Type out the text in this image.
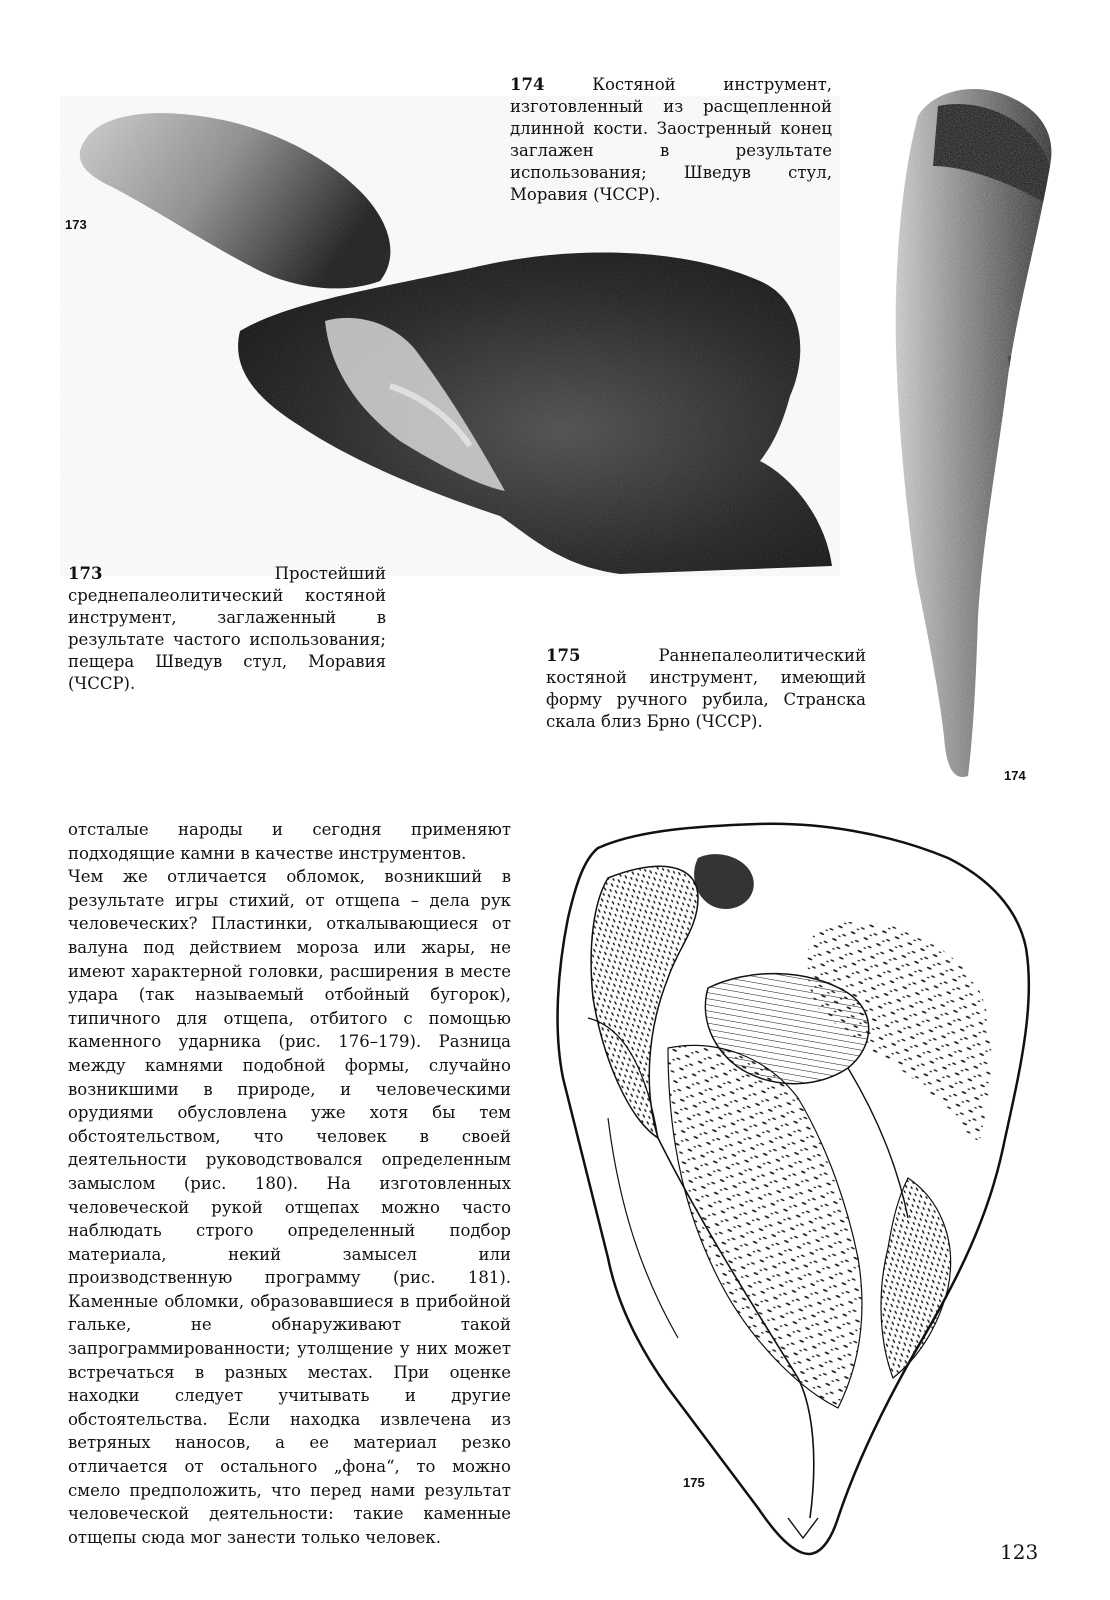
173
174
175
174 Костяной инструмент, изготовленный из расщепленной длинной кости. Заостренный конец заглажен в результате использования; Шведув стул, Моравия (ЧССР).
173 Простейший среднепалеолитический костяной инструмент, заглаженный в результате частого использования; пещера Шведув стул, Моравия (ЧССР).
175 Раннепалеолитический костяной инструмент, имеющий форму ручного рубила, Странска скала близ Брно (ЧССР).

отсталые народы и сегодня применяют подходящие камни в качестве инструментов.

Чем же отличается обломок, возникший в результате игры стихий, от отщепа – дела рук человеческих? Пластинки, откалывающиеся от валуна под действием мороза или жары, не имеют характерной головки, расширения в месте удара (так называемый отбойный бугорок), типичного для отщепа, отбитого с помощью каменного ударника (рис. 176–179). Разница между камнями подобной формы, случайно возникшими в природе, и человеческими орудиями обусловлена уже хотя бы тем обстоятельством, что человек в своей деятельности руководствовался определенным замыслом (рис. 180). На изготовленных человеческой рукой отщепах можно часто наблюдать строго определенный подбор материала, некий замысел или производственную программу (рис. 181). Каменные обломки, образовавшиеся в прибойной гальке, не обнаруживают такой запрограммированности; утолщение у них может встречаться в разных местах. При оценке находки следует учитывать и другие обстоятельства. Если находка извлечена из ветряных наносов, а ее материал резко отличается от остального „фона“, то можно смело предположить, что перед нами результат человеческой деятельности: такие каменные отщепы сюда мог занести только человек.

123
